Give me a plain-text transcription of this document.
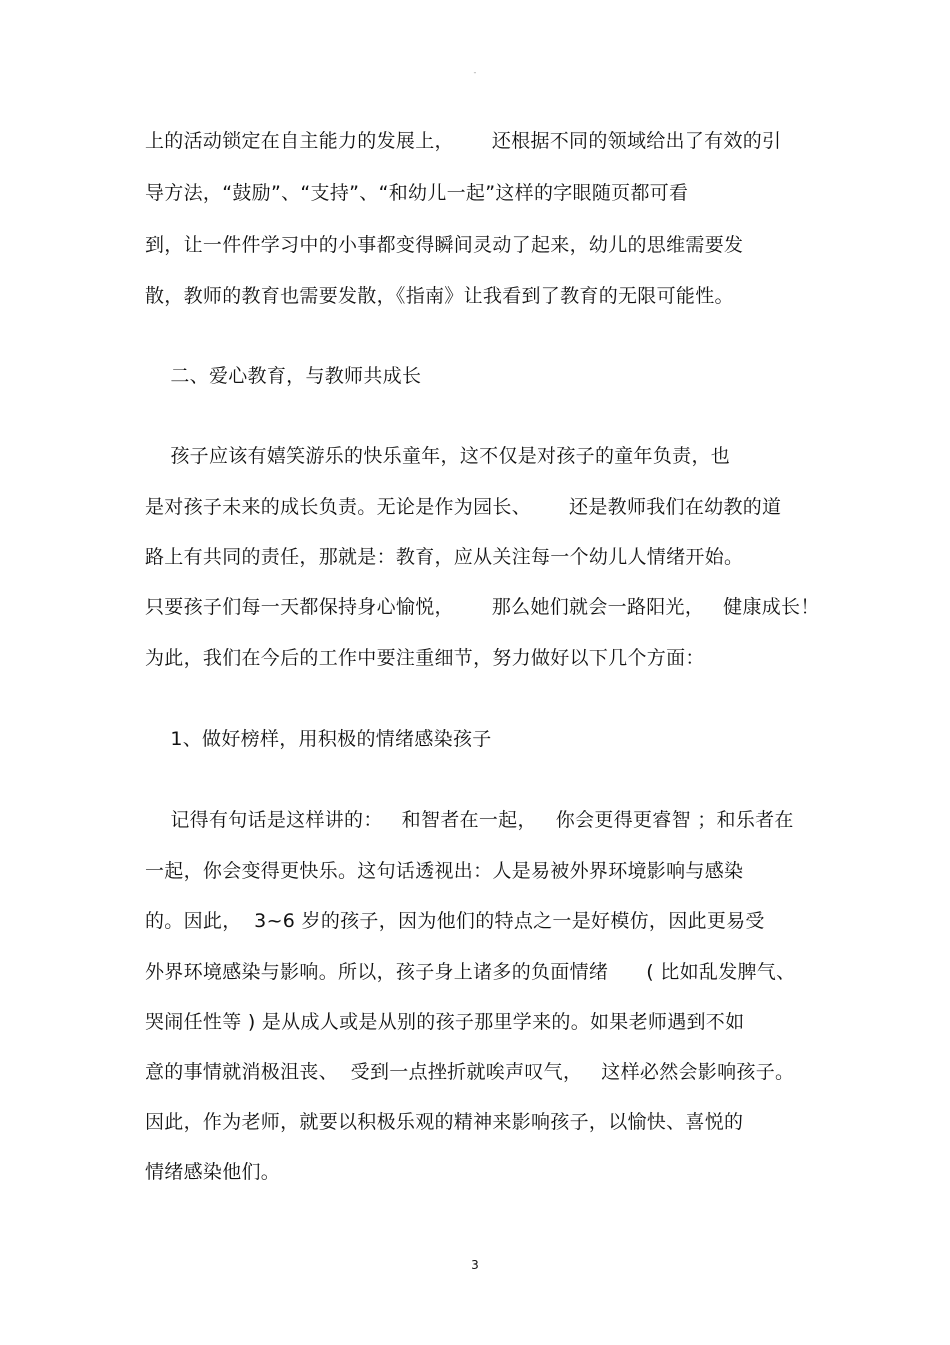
-
上的活动锁定在自主能力的发展上，      还根据不同的领域给出了有效的引
导方法，“鼓励”、“支持”、“和幼儿一起”这样的字眼随页都可看
到，让一件件学习中的小事都变得瞬间灵动了起来，幼儿的思维需要发
散，教师的教育也需要发散，《指南》让我看到了教育的无限可能性。
二、爱心教育，与教师共成长
孩子应该有嬉笑游乐的快乐童年，这不仅是对孩子的童年负责，也
是对孩子未来的成长负责。无论是作为园长、      还是教师我们在幼教的道
路上有共同的责任，那就是：教育，应从关注每一个幼儿人情绪开始。
只要孩子们每一天都保持身心愉悦，      那么她们就会一路阳光，   健康成长！
为此，我们在今后的工作中要注重细节，努力做好以下几个方面：
1、做好榜样，用积极的情绪感染孩子
记得有句话是这样讲的：   和智者在一起，   你会更得更睿智 ；和乐者在
一起，你会变得更快乐。这句话透视出：人是易被外界环境影响与感染
的。因此，  3~6 岁的孩子，因为他们的特点之一是好模仿，因此更易受
外界环境感染与影响。所以，孩子身上诸多的负面情绪      ( 比如乱发脾气、
哭闹任性等 ) 是从成人或是从别的孩子那里学来的。如果老师遇到不如
意的事情就消极沮丧、  受到一点挫折就唉声叹气，   这样必然会影响孩子。
因此，作为老师，就要以积极乐观的精神来影响孩子，以愉快、喜悦的
情绪感染他们。
3
